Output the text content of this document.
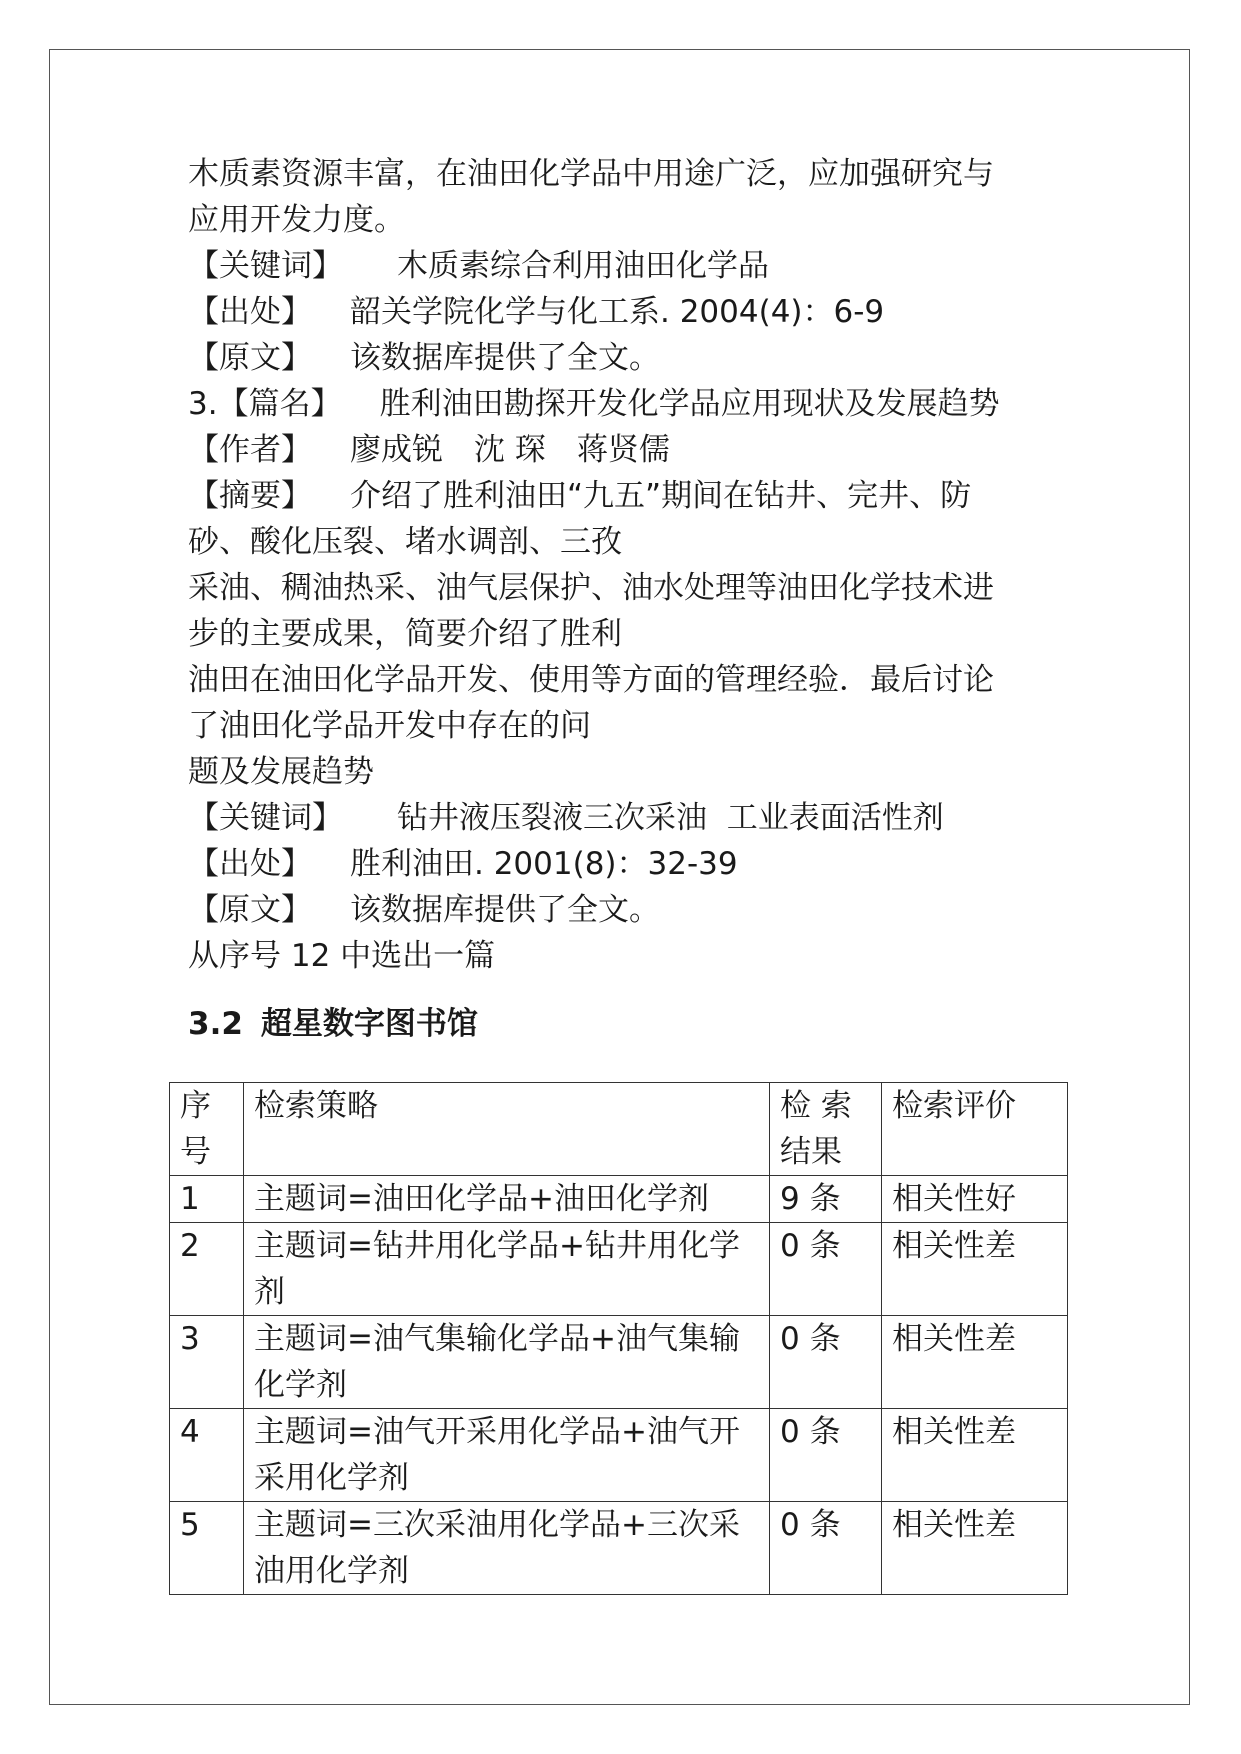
木质素资源丰富，在油田化学品中用途广泛，应加强研究与
应用开发力度。
【关键词】 木质素综合利用油田化学品
【出处】 韶关学院化学与化工系. 2004(4)：6-9
【原文】 该数据库提供了全文。
3.【篇名】 胜利油田勘探开发化学品应用现状及发展趋势
【作者】 廖成锐　沈 琛　蒋贤儒
【摘要】 介绍了胜利油田“九五”期间在钻井、完井、防
砂、酸化压裂、堵水调剖、三孜
采油、稠油热采、油气层保护、油水处理等油田化学技术进
步的主要成果，简要介绍了胜利
油田在油田化学品开发、使用等方面的管理经验．最后讨论
了油田化学品开发中存在的问
题及发展趋势
【关键词】 钻井液压裂液三次采油  工业表面活性剂
【出处】 胜利油田. 2001(8)：32-39
【原文】 该数据库提供了全文。
从序号 12 中选出一篇
3.2 超星数字图书馆
序号	检索策略	检 索结果	检索评价
1	主题词=油田化学品+油田化学剂	9 条	相关性好
2	主题词=钻井用化学品+钻井用化学剂	0 条	相关性差
3	主题词=油气集输化学品+油气集输化学剂	0 条	相关性差
4	主题词=油气开采用化学品+油气开采用化学剂	0 条	相关性差
5	主题词=三次采油用化学品+三次采油用化学剂	0 条	相关性差
